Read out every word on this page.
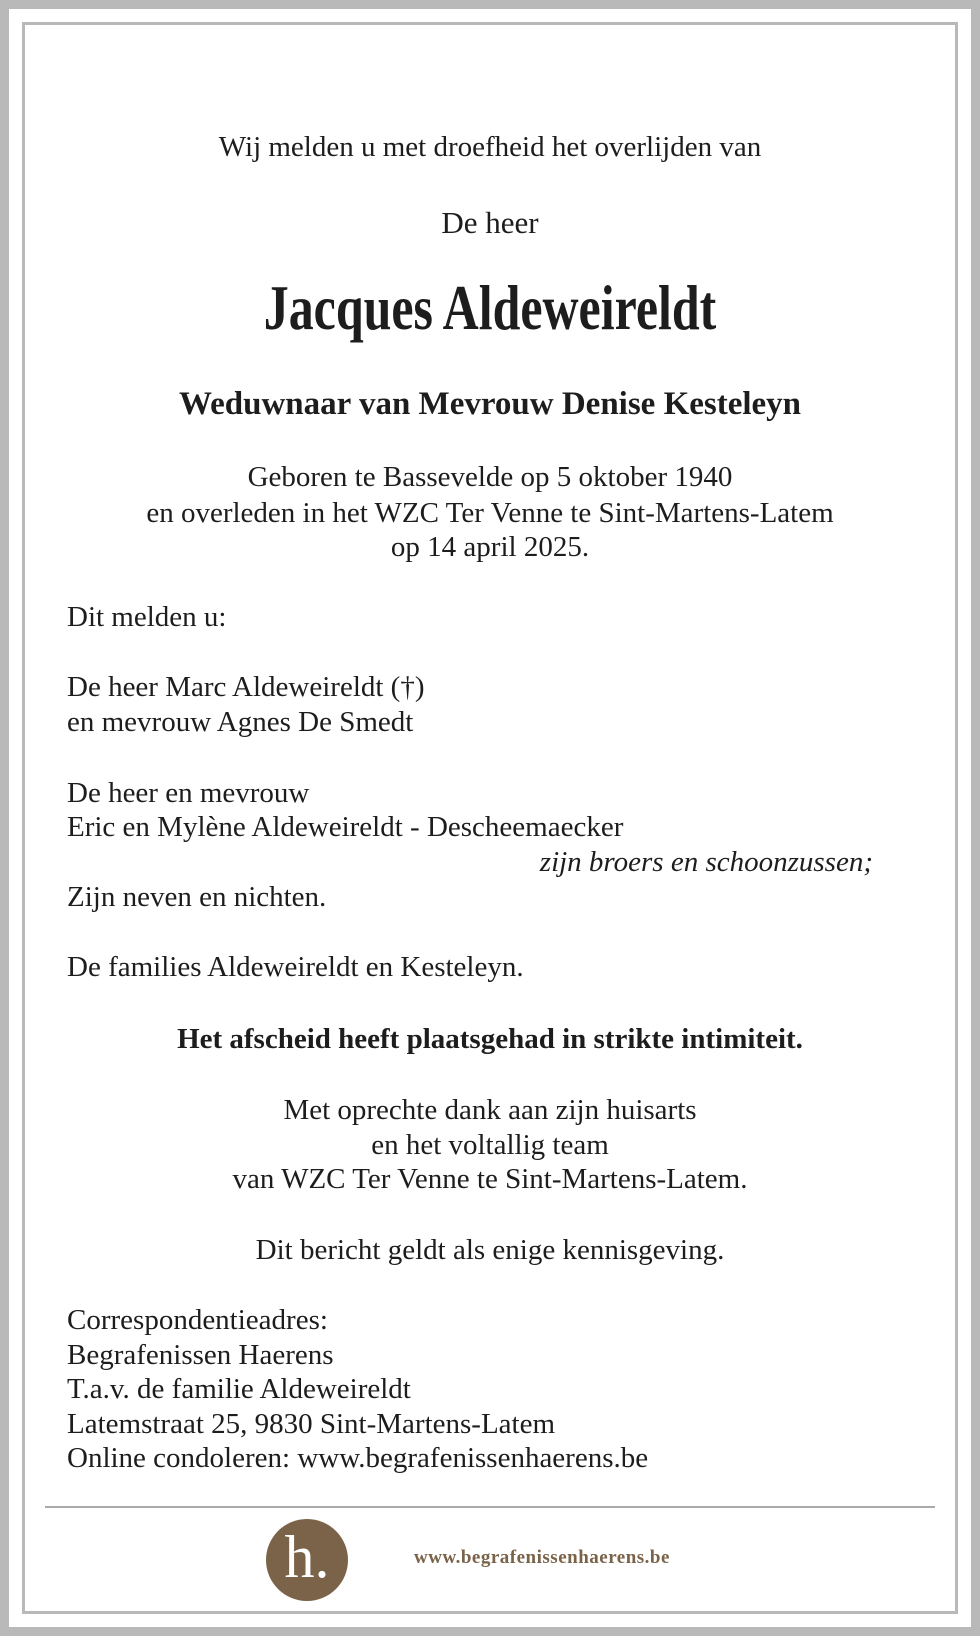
Wij melden u met droefheid het overlijden van
De heer
Jacques Aldeweireldt
Weduwnaar van Mevrouw Denise Kesteleyn
Geboren te Bassevelde op 5 oktober 1940
en overleden in het WZC Ter Venne te Sint-Martens-Latem
op 14 april 2025.
Dit melden u:
De heer Marc Aldeweireldt (†)
en mevrouw Agnes De Smedt
De heer en mevrouw
Eric en Mylène Aldeweireldt - Descheemaecker
zijn broers en schoonzussen;
Zijn neven en nichten.
De families Aldeweireldt en Kesteleyn.
Het afscheid heeft plaatsgehad in strikte intimiteit.
Met oprechte dank aan zijn huisarts
en het voltallig team
van WZC Ter Venne te Sint-Martens-Latem.
Dit bericht geldt als enige kennisgeving.
Correspondentieadres:
Begrafenissen Haerens
T.a.v. de familie Aldeweireldt
Latemstraat 25, 9830 Sint-Martens-Latem
Online condoleren: www.begrafenissenhaerens.be
h.	www.begrafenissenhaerens.be
